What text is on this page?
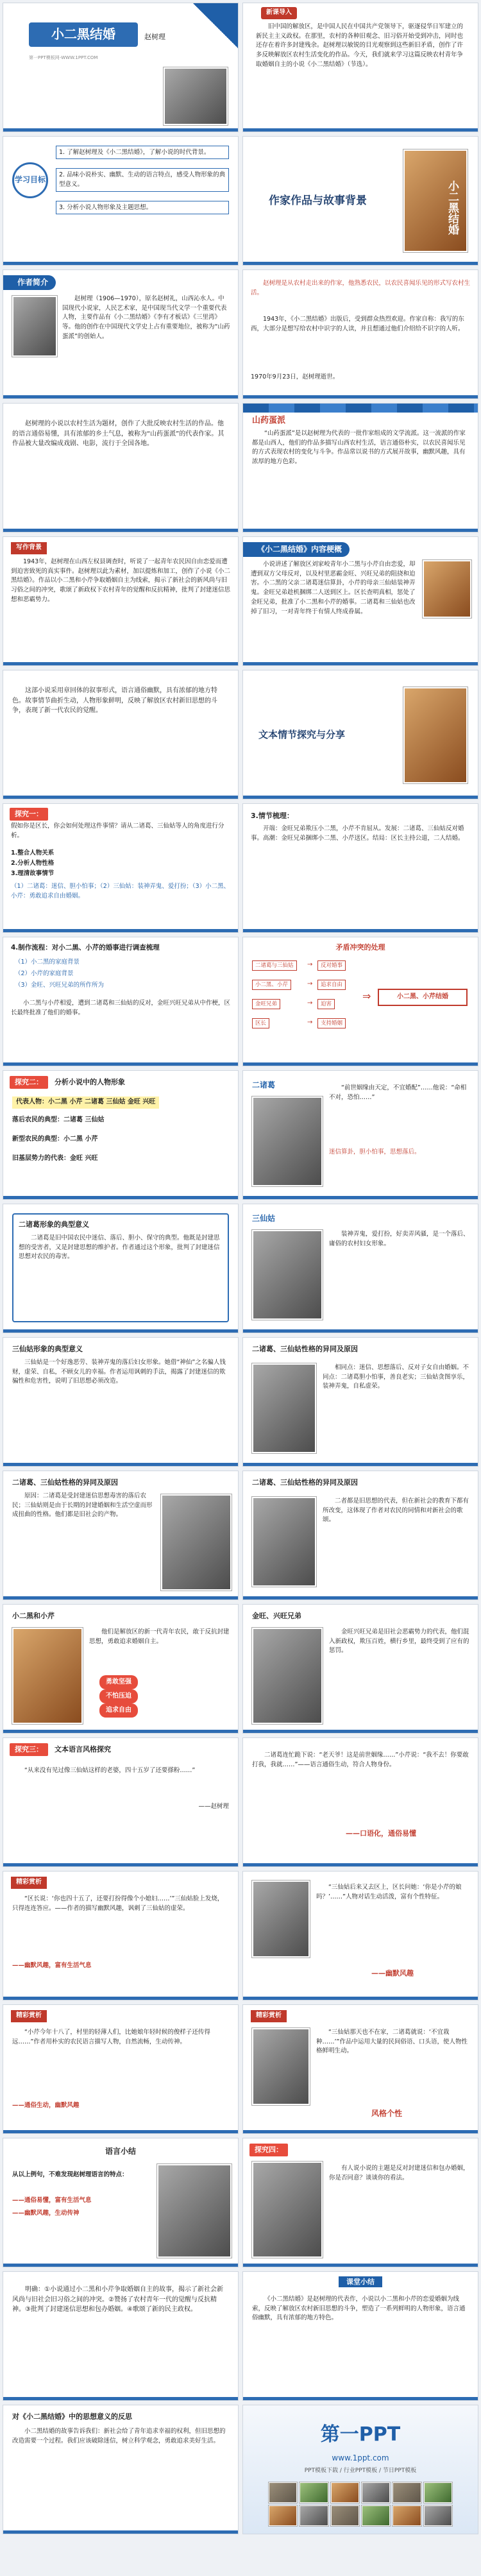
小二黑结婚	赵树理
第一PPT模板网-WWW.1PPT.COM
新课导入
旧中国的解放区，是中国人民在中国共产党领导下，驱逐侵华日军建立的新民主主义政权。在那里，农村的各种旧观念、旧习俗开始受到冲击，同时也还存在着许多封建残余。赵树理以敏锐的目光观察到这些新旧矛盾，创作了许多反映解放区农村生活变化的作品。今天，我们就来学习这篇反映农村青年争取婚姻自主的小说《小二黑结婚》（节选）。
学习目标
1. 了解赵树理及《小二黑结婚》，了解小说的时代背景。
2. 品味小说朴实、幽默、生动的语言特点，感受人物形象的典型意义。
3. 分析小说人物形象及主题思想。
作家作品与故事背景	小二黑结婚
作者简介
赵树理（1906—1970），原名赵树礼，山西沁水人。中国现代小说家，人民艺术家，是中国现当代文学一个重要代表人物，主要作品有《小二黑结婚》《李有才板话》《三里湾》等。他的创作在中国现代文学史上占有重要地位，被称为“山药蛋派”的创始人。
赵树理是从农村走出来的作家，他熟悉农民，以农民喜闻乐见的形式写农村生活。
1943年，《小二黑结婚》出版后，受到群众热烈欢迎。作家自称：我写的东西，大部分是想写给农村中识字的人读，并且想通过他们介绍给不识字的人听。
1970年9月23日，赵树理逝世。
赵树理的小说以农村生活为题材，创作了大批反映农村生活的作品。他的语言通俗易懂，具有浓郁的乡土气息，被称为“山药蛋派”的代表作家。其作品被大量改编成戏剧、电影，流行于全国各地。
山药蛋派
“山药蛋派”是以赵树理为代表的一批作家组成的文学流派。这一流派的作家都是山西人，他们的作品多描写山西农村生活，语言通俗朴实，以农民喜闻乐见的方式表现农村的变化与斗争。作品常以说书的方式展开故事，幽默风趣，具有浓厚的地方色彩。
写作背景
1943年，赵树理在山西左权县调查时，听说了一起青年农民因自由恋爱而遭到迫害致死的真实事件。赵树理以此为素材，加以提炼和加工，创作了小说《小二黑结婚》。作品以小二黑和小芹争取婚姻自主为线索，揭示了新社会的新风尚与旧习俗之间的冲突，歌颂了新政权下农村青年的觉醒和反抗精神，批判了封建迷信思想和恶霸势力。
《小二黑结婚》内容梗概
小说讲述了解放区刘家峧青年小二黑与小芹自由恋爱，却遭到双方父母反对，以及村里恶霸金旺、兴旺兄弟的阻挠和迫害。小二黑的父亲二诸葛迷信算卦，小芹的母亲三仙姑装神弄鬼。金旺兄弟趁机捆绑二人送到区上。区长查明真相，惩处了金旺兄弟，批准了小二黑和小芹的婚事。二诸葛和三仙姑也改掉了旧习，一对青年终于有情人终成眷属。
这部小说采用章回体的叙事形式，语言通俗幽默，具有浓郁的地方特色。故事情节曲折生动，人物形象鲜明，反映了解放区农村新旧思想的斗争，表现了新一代农民的觉醒。
文本情节探究与分享
探究一：
假如你是区长，你会如何处理这件事情？请从二诸葛、三仙姑等人的角度进行分析。
1.整合人物关系
2.分析人物性格
3.理清故事情节
（1）二诸葛：迷信、胆小怕事；（2）三仙姑：装神弄鬼、爱打扮；（3）小二黑、小芹：勇敢追求自由婚姻。
3.情节梳理：
开端：金旺兄弟欺压小二黑，小芹不肯屈从。发展：二诸葛、三仙姑反对婚事。高潮：金旺兄弟捆绑小二黑、小芹送区。结局：区长主持公道，二人结婚。
4.制作流程：对小二黑、小芹的婚事进行调查梳理
（1）小二黑的家庭背景
（2）小芹的家庭背景
（3）金旺、兴旺兄弟的所作所为
小二黑与小芹相爱，遭到二诸葛和三仙姑的反对，金旺兴旺兄弟从中作梗，区长最终批准了他们的婚事。
矛盾冲突的处理
二诸葛与三仙姑	→	反对婚事
小二黑、小芹	→	追求自由
金旺兄弟	→	迫害
区长	→	支持婚姻
⇒	小二黑、小芹结婚
探究二：	分析小说中的人物形象
代表人物：小二黑 小芹 二诸葛 三仙姑 金旺 兴旺
落后农民的典型：二诸葛 三仙姑
新型农民的典型：小二黑 小芹
旧基层势力的代表：金旺 兴旺
二诸葛	“前世姻缘由天定，不宜婚配”……他说：“命相不对，恐怕……”
迷信算卦，胆小怕事，思想落后。
二诸葛形象的典型意义
二诸葛是旧中国农民中迷信、落后、胆小、保守的典型。他既是封建思想的受害者，又是封建思想的维护者。作者通过这个形象，批判了封建迷信思想对农民的毒害。
三仙姑
装神弄鬼，爱打扮，好卖弄风骚，是一个落后、庸俗的农村妇女形象。
三仙姑形象的典型意义
三仙姑是一个好逸恶劳、装神弄鬼的落后妇女形象。她借“神仙”之名骗人钱财，虚荣、自私，不顾女儿的幸福。作者运用讽刺的手法，揭露了封建迷信的欺骗性和危害性，说明了旧思想必须改造。
二诸葛、三仙姑性格的异同及原因
相同点：迷信、思想落后、反对子女自由婚姻。不同点：二诸葛胆小怕事，善良老实；三仙姑贪图享乐，装神弄鬼，自私虚荣。
二诸葛、三仙姑性格的异同及原因
原因：二诸葛是受封建迷信思想毒害的落后农民；三仙姑则是由于长期的封建婚姻和生活空虚而形成扭曲的性格。他们都是旧社会的产物。
二诸葛、三仙姑性格的异同及原因
二者都是旧思想的代表，但在新社会的教育下都有所改变，这体现了作者对农民的同情和对新社会的歌颂。
小二黑和小芹
他们是解放区的新一代青年农民，敢于反抗封建思想，勇敢追求婚姻自主。
勇敢坚强
不怕压迫
追求自由
金旺、兴旺兄弟
金旺兴旺兄弟是旧社会恶霸势力的代表，他们混入新政权，欺压百姓，横行乡里，最终受到了应有的惩罚。
探究三：	文本语言风格探究
“从来没有见过像三仙姑这样的老婆，四十五岁了还要搽粉……”
——赵树理
二诸葛连忙跪下说：“老天爷！这是前世姻缘……”小芹说：“我不去！你要敢打我，我就……”——语言通俗生动，符合人物身份。
——口语化，通俗易懂
精彩赏析
“区长说：‘你也四十五了，还要打扮得像个小媳妇……’”三仙姑脸上发烧，只得连连答应。——作者的描写幽默风趣，讽刺了三仙姑的虚荣。
——幽默风趣，富有生活气息
“三仙姑后来又去区上，区长问她：‘你是小芹的娘吗？’……”人物对话生动活泼，富有个性特征。
——幽默风趣
精彩赏析
“小芹今年十八了，村里的轻薄人们，比她娘年轻时候的俊样子还传得远……”作者用朴实的农民语言描写人物，自然流畅，生动传神。
——通俗生动，幽默风趣
精彩赏析
“三仙姑那天也不在家，二诸葛就说：‘不宜栽种……’”作品中运用大量的民间俗语、口头语，使人物性格鲜明生动。
风格个性
语言小结
从以上例句，不难发现赵树理语言的特点：
——通俗易懂，富有生活气息
——幽默风趣，生动传神
探究四：
有人说小说的主题是反对封建迷信和包办婚姻，你是否同意？谈谈你的看法。
明确：①小说通过小二黑和小芹争取婚姻自主的故事，揭示了新社会新风尚与旧社会旧习俗之间的冲突。②赞扬了农村青年一代的觉醒与反抗精神。③批判了封建迷信思想和包办婚姻。④歌颂了新的民主政权。
课堂小结
《小二黑结婚》是赵树理的代表作，小说以小二黑和小芹的恋爱婚姻为线索，反映了解放区农村新旧思想的斗争，塑造了一系列鲜明的人物形象，语言通俗幽默，具有浓郁的地方特色。
对《小二黑结婚》中的思想意义的反思
小二黑结婚的故事告诉我们：新社会给了青年追求幸福的权利，但旧思想的改造需要一个过程。我们应该破除迷信，树立科学观念，勇敢追求美好生活。	第一PPT
www.1ppt.com
PPT模板下载 / 行业PPT模板 / 节日PPT模板
